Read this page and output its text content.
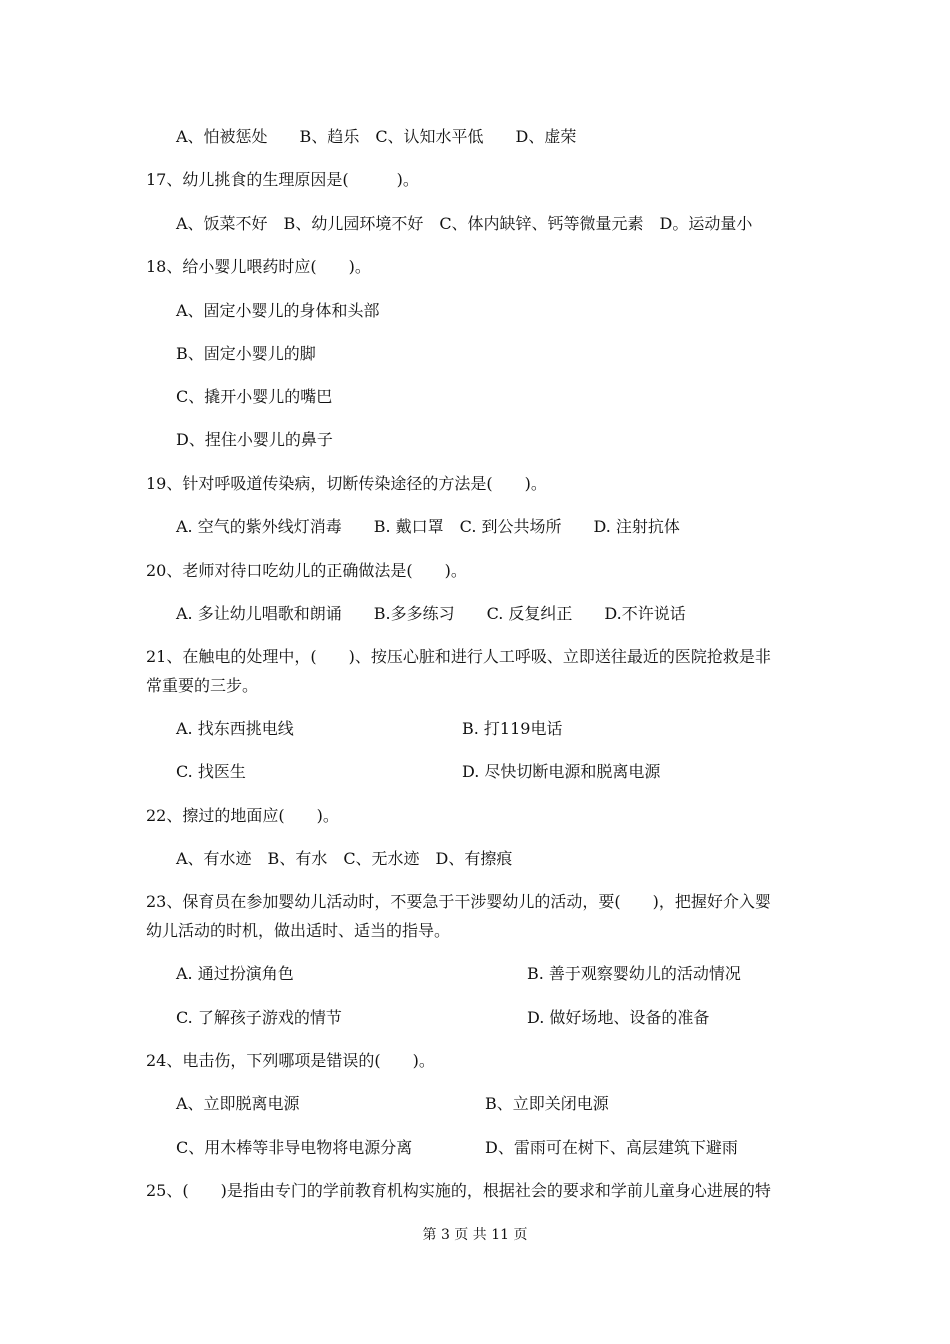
A、怕被惩处　　B、趋乐　C、认知水平低　　D、虚荣
17、幼儿挑食的生理原因是(　　　)。
A、饭菜不好　B、幼儿园环境不好　C、体内缺锌、钙等微量元素　D。运动量小
18、给小婴儿喂药时应(　　)。
A、固定小婴儿的身体和头部
B、固定小婴儿的脚
C、撬开小婴儿的嘴巴
D、捏住小婴儿的鼻子
19、针对呼吸道传染病，切断传染途径的方法是(　　)。
A. 空气的紫外线灯消毒　　B. 戴口罩　C. 到公共场所　　D. 注射抗体
20、老师对待口吃幼儿的正确做法是(　　)。
A. 多让幼儿唱歌和朗诵　　B.多多练习　　C. 反复纠正　　D.不许说话
21、在触电的处理中，(　　)、按压心脏和进行人工呼吸、立即送往最近的医院抢救是非
常重要的三步。
A. 找东西挑电线	B. 打119电话
C. 找医生	D. 尽快切断电源和脱离电源
22、擦过的地面应(　　)。
A、有水迹　B、有水　C、无水迹　D、有擦痕
23、保育员在参加婴幼儿活动时，不要急于干涉婴幼儿的活动，要(　　)，把握好介入婴
幼儿活动的时机，做出适时、适当的指导。
A. 通过扮演角色	B. 善于观察婴幼儿的活动情况
C. 了解孩子游戏的情节	D. 做好场地、设备的准备
24、电击伤，下列哪项是错误的(　　)。
A、立即脱离电源	B、立即关闭电源
C、用木棒等非导电物将电源分离	D、雷雨可在树下、高层建筑下避雨
25、(　　)是指由专门的学前教育机构实施的，根据社会的要求和学前儿童身心进展的特
第 3 页 共 11 页
